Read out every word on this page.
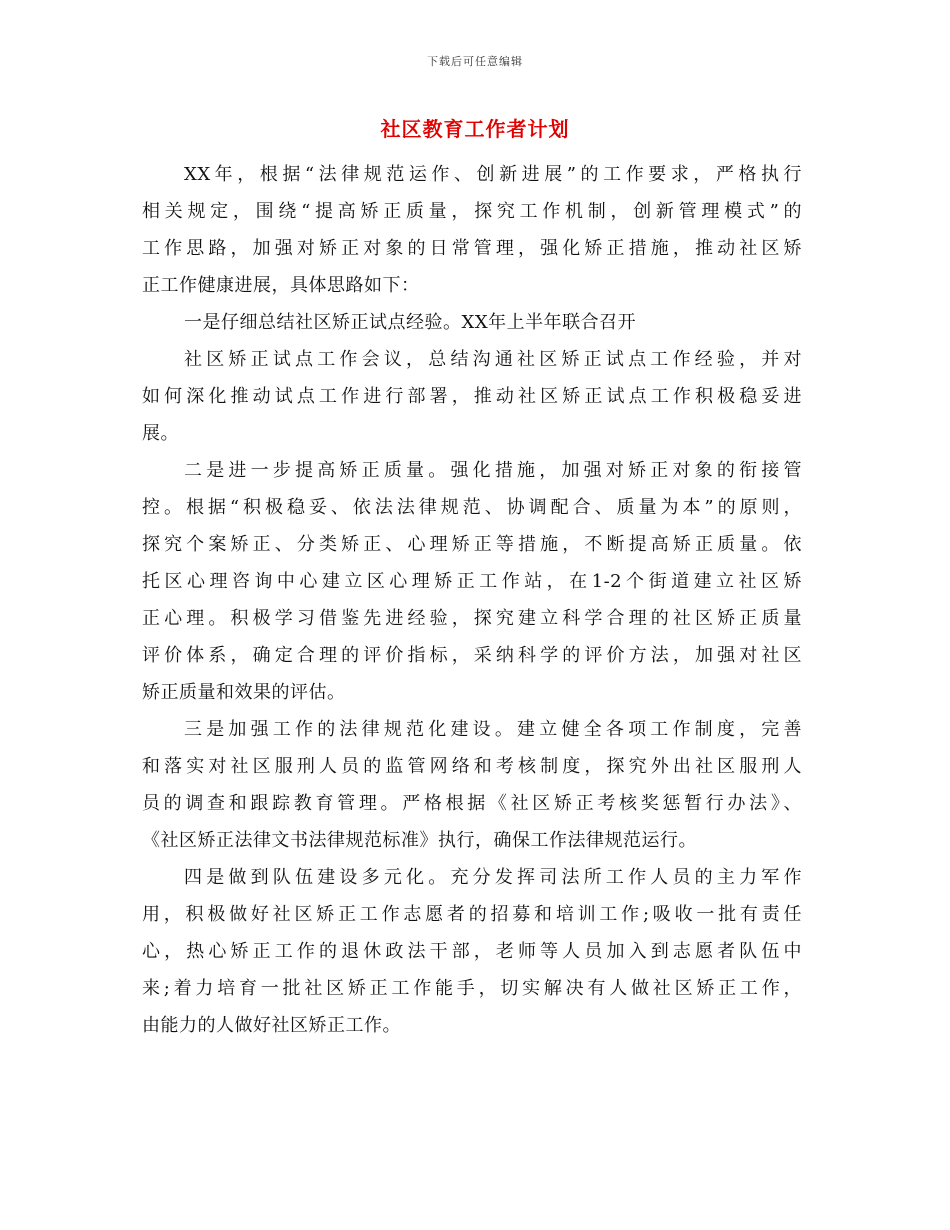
下载后可任意编辑
社区教育工作者计划
XX年，根据“法律规范运作、创新进展”的工作要求，严格执行
相关规定，围绕“提高矫正质量，探究工作机制，创新管理模式”的
工作思路，加强对矫正对象的日常管理，强化矫正措施，推动社区矫
正工作健康进展，具体思路如下：
一是仔细总结社区矫正试点经验。XX年上半年联合召开
社区矫正试点工作会议，总结沟通社区矫正试点工作经验，并对
如何深化推动试点工作进行部署，推动社区矫正试点工作积极稳妥进
展。
二是进一步提高矫正质量。强化措施，加强对矫正对象的衔接管
控。根据“积极稳妥、依法法律规范、协调配合、质量为本”的原则，
探究个案矫正、分类矫正、心理矫正等措施，不断提高矫正质量。依
托区心理咨询中心建立区心理矫正工作站，在1-2个街道建立社区矫
正心理。积极学习借鉴先进经验，探究建立科学合理的社区矫正质量
评价体系，确定合理的评价指标，采纳科学的评价方法，加强对社区
矫正质量和效果的评估。
三是加强工作的法律规范化建设。建立健全各项工作制度，完善
和落实对社区服刑人员的监管网络和考核制度，探究外出社区服刑人
员的调查和跟踪教育管理。严格根据《社区矫正考核奖惩暂行办法》、
《社区矫正法律文书法律规范标准》执行，确保工作法律规范运行。
四是做到队伍建设多元化。充分发挥司法所工作人员的主力军作
用，积极做好社区矫正工作志愿者的招募和培训工作;吸收一批有责任
心，热心矫正工作的退休政法干部，老师等人员加入到志愿者队伍中
来;着力培育一批社区矫正工作能手，切实解决有人做社区矫正工作，
由能力的人做好社区矫正工作。
